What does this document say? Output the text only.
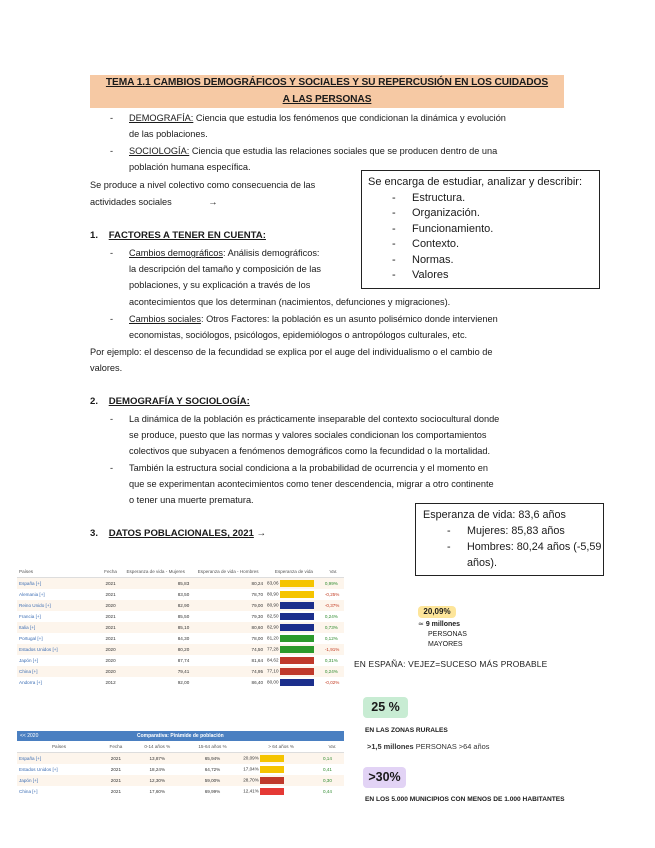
TEMA 1.1 CAMBIOS DEMOGRÁFICOS Y SOCIALES Y SU REPERCUSIÓN EN LOS CUIDADOS
A LAS PERSONAS
- DEMOGRAFÍA: Ciencia que estudia los fenómenos que condicionan la dinámica y evolución
de las poblaciones.
- SOCIOLOGÍA: Ciencia que estudia las relaciones sociales que se producen dentro de una
población humana específica.
Se produce a nivel colectivo como consecuencia de las
actividades sociales	→
Se encarga de estudiar, analizar y describir:
- Estructura.
- Organización.
- Funcionamiento.
- Contexto.
- Normas.
- Valores
1. FACTORES A TENER EN CUENTA:
- Cambios demográficos: Análisis demográficos:
la descripción del tamaño y composición de las
poblaciones, y su explicación a través de los
acontecimientos que los determinan (nacimientos, defunciones y migraciones).
- Cambios sociales: Otros Factores: la población es un asunto polisémico donde intervienen
economistas, sociólogos, psicólogos, epidemiólogos o antropólogos culturales, etc.
Por ejemplo: el descenso de la fecundidad se explica por el auge del individualismo o el cambio de
valores.
2. DEMOGRAFÍA Y SOCIOLOGÍA:
- La dinámica de la población es prácticamente inseparable del contexto sociocultural donde
se produce, puesto que las normas y valores sociales condicionan los comportamientos
colectivos que subyacen a fenómenos demográficos como la fecundidad o la mortalidad.
- También la estructura social condiciona a la probabilidad de ocurrencia y el momento en
que se experimentan acontecimientos como tener descendencia, migrar a otro continente
o tener una muerte prematura.
3. DATOS POBLACIONALES, 2021 →
Esperanza de vida: 83,6 años
- Mujeres: 85,83 años
- Hombres: 80,24 años (-5,59
años).
Países	Fecha	Esperanza de vida - Mujeres	Esperanza de vida - Hombres	Esperanza de vida	Var.
España [+]	2021	85,83	80,24	83,06	0,99%
Alemania [+]	2021	83,50	78,70	80,90	-0,25%
Reino Unido [+]	2020	82,90	79,00	80,90	-0,37%
Francia [+]	2021	85,50	79,30	82,50	0,24%
Italia [+]	2021	85,10	80,60	82,90	0,73%
Portugal [+]	2021	84,30	78,00	81,20	0,12%
Estados Unidos [+]	2020	80,20	74,50	77,28	-1,91%
Japón [+]	2020	87,74	81,64	84,62	0,31%
China [+]	2020	79,41	74,95	77,10	0,24%
Andorra [+]	2012	92,00	86,40	80,00	-0,02%
<< 2020	Comparativa: Pirámide de población
Países	Fecha	0-14 años %	15-64 años %	> 64 años %	Var.
España [+]	2021	13,87%	65,94%	20,09%	0,14
Estados Unidos [+]	2021	18,24%	64,72%	17,04%	0,41
Japón [+]	2021	12,30%	59,00%	28,70%	0,30
China [+]	2021	17,60%	69,99%	12,41%	0,44
20,09%
≃ 9 millones
PERSONAS
MAYORES
EN ESPAÑA: VEJEZ=SUCESO MÁS PROBABLE
25 %
EN LAS ZONAS RURALES
>1,5 millones PERSONAS >64 años
>30%
EN LOS 5.000 MUNICIPIOS CON MENOS DE 1.000 HABITANTES
